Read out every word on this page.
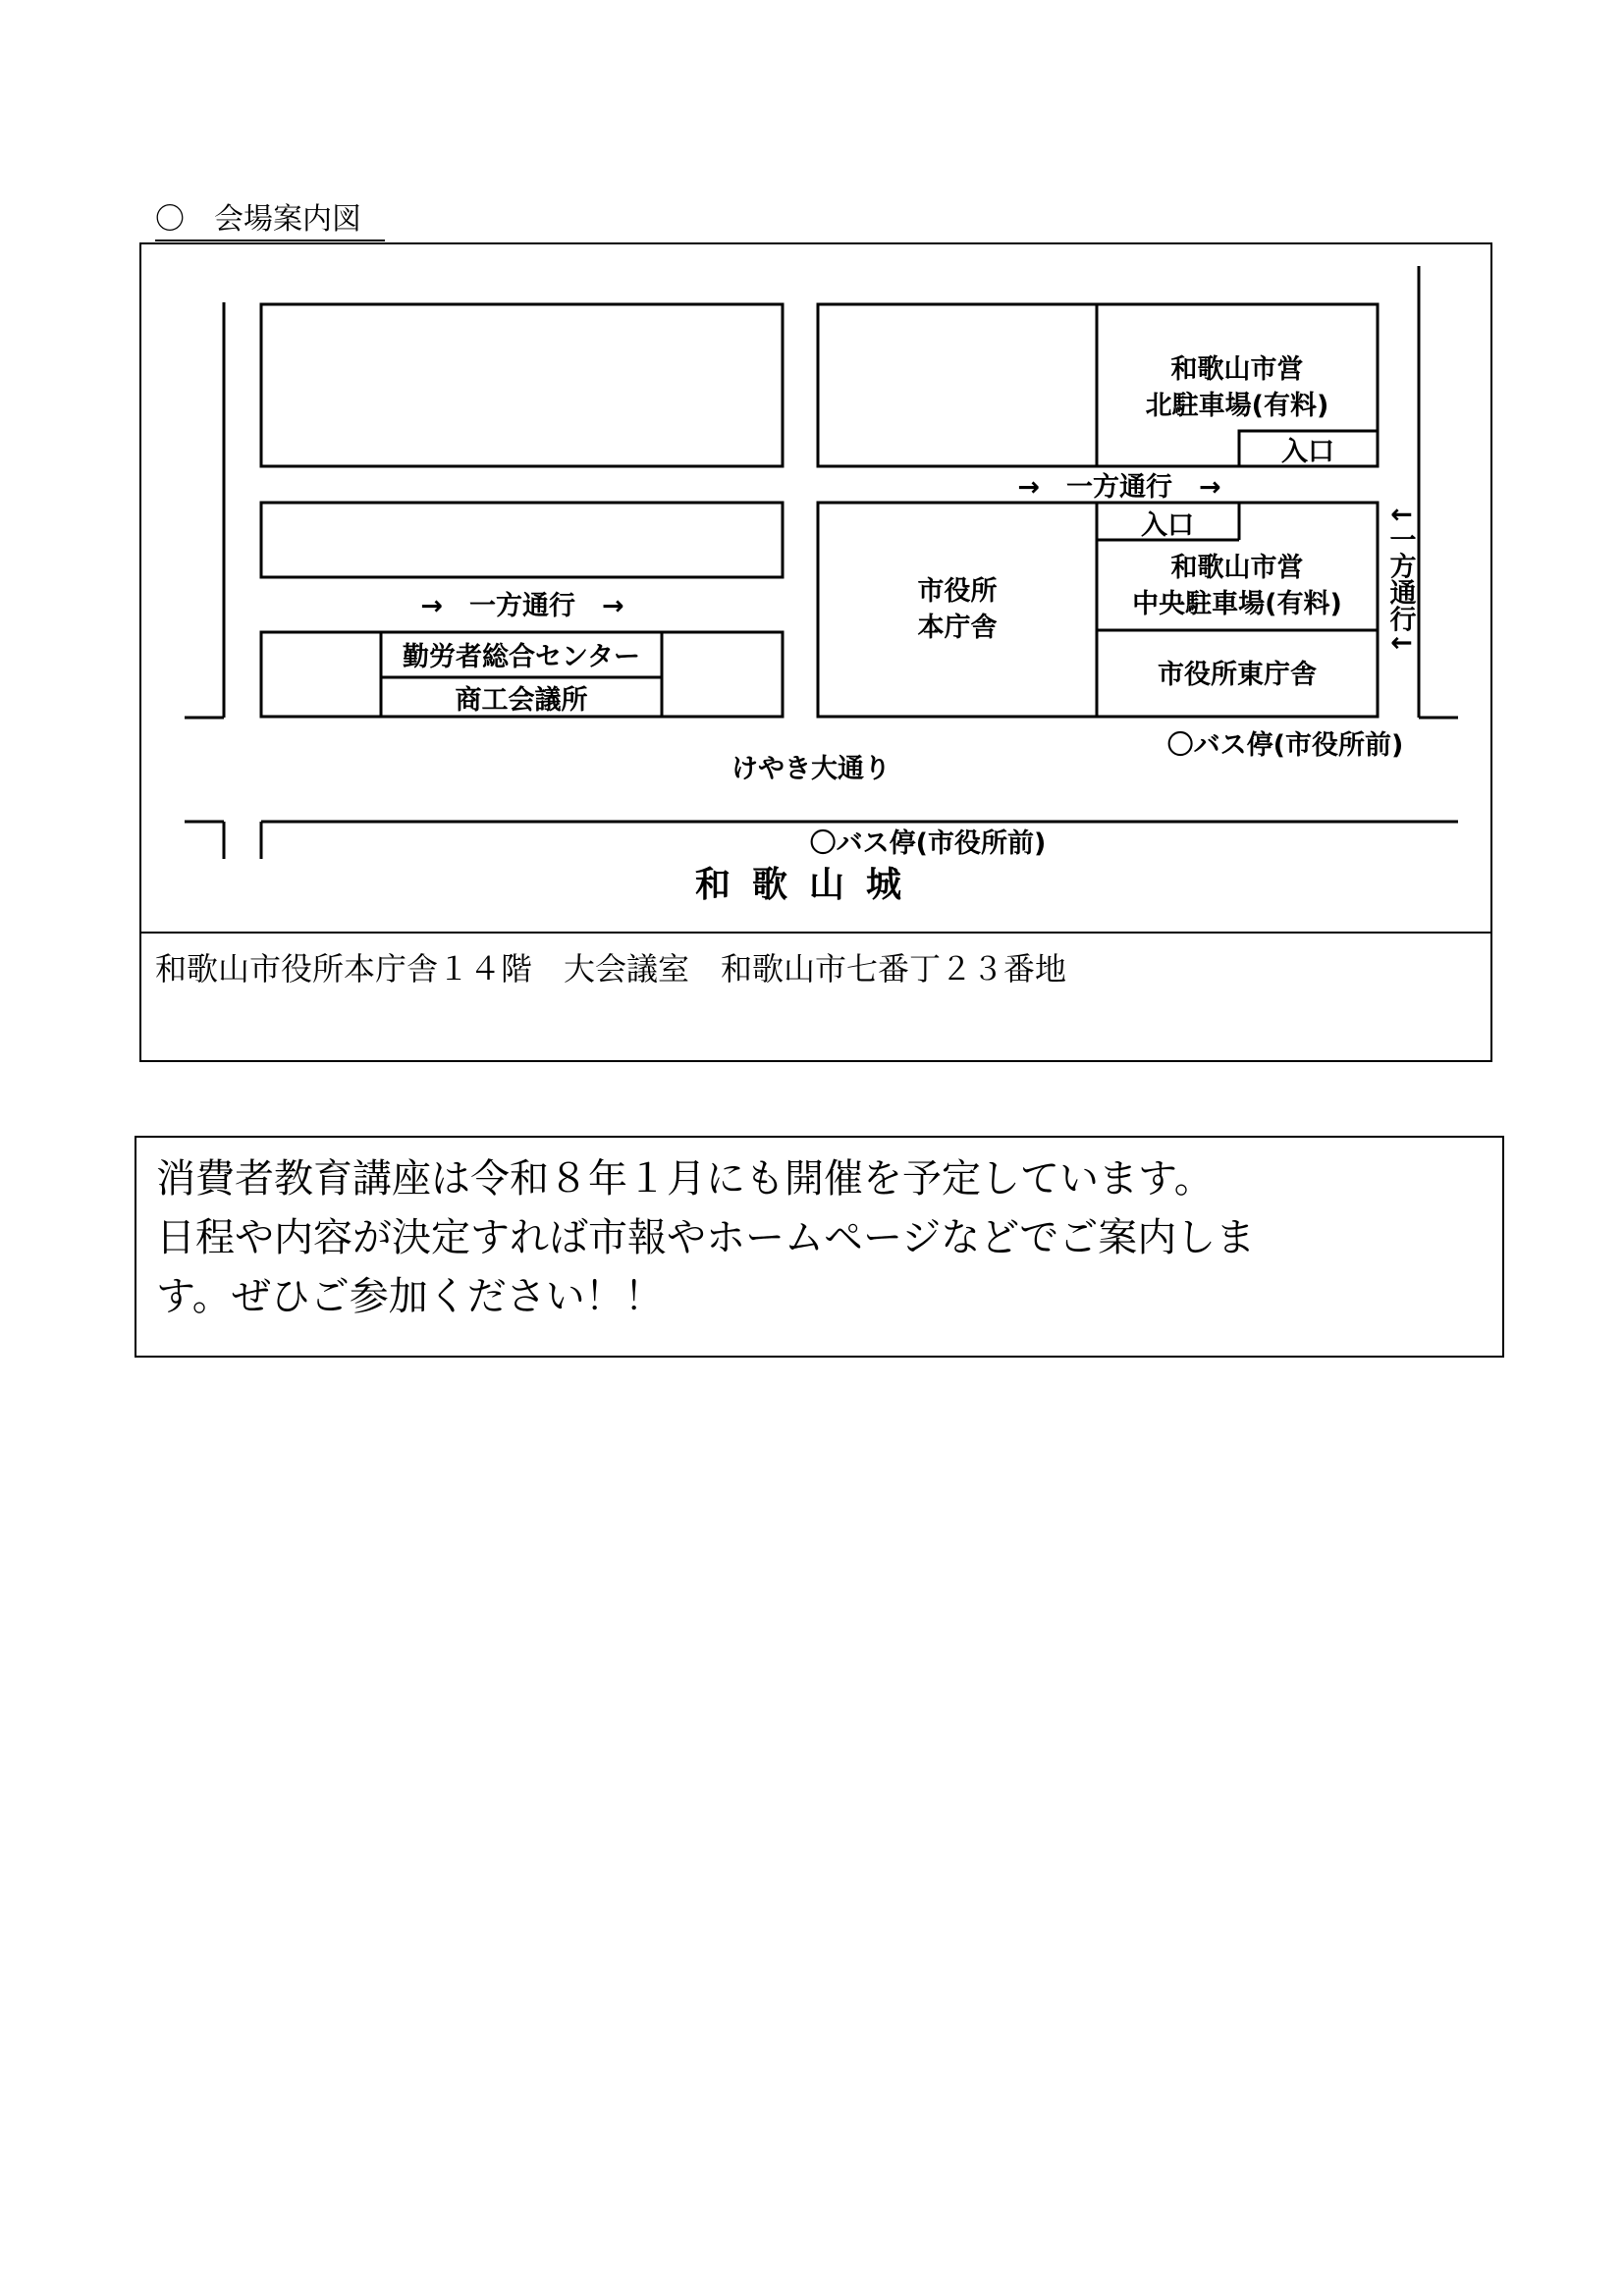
〇　会場案内図
和歌山市営
北駐車場(有料)
入口
→　一方通行　→
入口
和歌山市営
中央駐車場(有料)
市役所
本庁舎
市役所東庁舎
→　一方通行　→
勤労者総合センター
商工会議所
↓一方通行↓
〇バス停(市役所前)
けやき大通り
〇バス停(市役所前)
和歌山城
和歌山市役所本庁舎１４階　大会議室　和歌山市七番丁２３番地
消費者教育講座は令和８年１月にも開催を予定しています。
日程や内容が決定すれば市報やホームページなどでご案内しま
す。ぜひご参加ください！！
